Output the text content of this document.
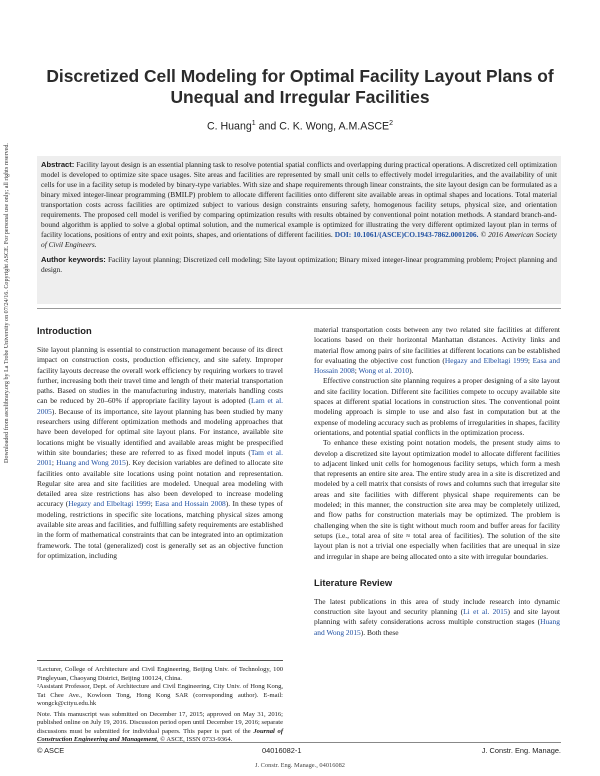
Downloaded from ascelibrary.org by La Trobe University on 07/24/16. Copyright ASCE. For personal use only; all rights reserved.
Discretized Cell Modeling for Optimal Facility Layout Plans of Unequal and Irregular Facilities
C. Huang$^1$ and C. K. Wong, A.M.ASCE$^2$

Abstract: Facility layout design is an essential planning task to resolve potential spatial conflicts and overlapping during practical operations. A discretized cell optimization model is developed to optimize site space usages. Site areas and facilities are represented by small unit cells to effectively model irregularities, and the availability of unit cells for use in a facility setup is modeled by binary-type variables. With size and shape requirements through linear constraints, the site layout design can be formulated as a binary mixed integer-linear programming (BMILP) problem to allocate different facilities onto different site available areas in optimal shapes and locations. Total material transportation costs across facilities are optimized subject to various design constraints ensuring safety, homogenous facility setups, physical size, and orientation requirements. The proposed cell model is verified by comparing optimization results with results obtained by conventional point notation methods. A standard branch-and-bound algorithm is applied to solve a global optimal solution, and the numerical example is optimized for illustrating the very different optimized layout plan in terms of facility locations, positions of entry and exit points, shapes, and orientations of different facilities. DOI: 10.1061/(ASCE)CO.1943-7862.0001206. © 2016 American Society of Civil Engineers.

Author keywords: Facility layout planning; Discretized cell modeling; Site layout optimization; Binary mixed integer-linear programming problem; Project planning and design.

Introduction

Site layout planning is essential to construction management because of its direct impact on construction costs, production efficiency, and site safety. Improper facility layouts decrease the overall work efficiency by requiring workers to travel further, increasing both their travel time and length of their material transportation paths. Based on studies in the manufacturing industry, materials handling costs can be reduced by 20–60% if appropriate facility layout is adopted (Lam et al. 2005). Because of its importance, site layout planning has been studied by many researchers using different optimization methods and modeling approaches that have been developed for optimal site layout plans. For instance, available site locations might be visually identified and available areas might be prespecified within site boundaries; these are referred to as fixed model inputs (Tam et al. 2001; Huang and Wong 2015). Key decision variables are defined to allocate site facilities onto available site locations using point notation and representation. Regular site area and site facilities are modeled. Unequal area modeling with detailed area size restrictions has also been developed to increase modeling accuracy (Hegazy and Elbeltagi 1999; Easa and Hossain 2008). In these types of modeling, restrictions in specific site locations, matching physical sizes among available site areas and facilities, and fulfilling safety requirements are established in the form of mathematical constraints that can be integrated into an optimization framework. The total (generalized) cost is generally set as an objective function for optimization, including

¹Lecturer, College of Architecture and Civil Engineering, Beijing Univ. of Technology, 100 Pingleyuan, Chaoyang District, Beijing 100124, China.

²Assistant Professor, Dept. of Architecture and Civil Engineering, City Univ. of Hong Kong, Tat Chee Ave., Kowloon Tong, Hong Kong SAR (corresponding author). E-mail: wongck@cityu.edu.hk

Note. This manuscript was submitted on December 17, 2015; approved on May 31, 2016; published online on July 19, 2016. Discussion period open until December 19, 2016; separate discussions must be submitted for individual papers. This paper is part of the Journal of Construction Engineering and Management, © ASCE, ISSN 0733-9364.

material transportation costs between any two related site facilities at different locations based on their horizontal Manhattan distances. Activity links and material flow among pairs of site facilities at different locations can be established for evaluating the objective cost function (Hegazy and Elbeltagi 1999; Easa and Hossain 2008; Wong et al. 2010).

Effective construction site planning requires a proper designing of a site layout and site facility location. Different site facilities compete to occupy available site spaces at different spatial locations in construction sites. The conventional point modeling approach is simple to use and also fast in computation but at the expense of modeling accuracy such as problems of irregularities in shapes, facility orientations, and potential spatial conflicts in the optimization process.

To enhance these existing point notation models, the present study aims to develop a discretized site layout optimization model to allocate different facilities to adjacent linked unit cells for homogenous facility setups, which form a mesh that represents an entire site area. The entire study area in a site is discretized and modeled by a cell matrix that consists of rows and columns such that irregular site areas and site facilities with different physical shape requirements can be modeled; in this manner, the construction site area may be completely utilized, and flow paths for construction materials may be optimized. The problem is challenging when the site is tight without much room and buffer areas for facility setups (i.e., total area of site ≈ total area of facilities). The solution of the site layout plan is not a trivial one especially when facilities that are unequal in size and irregular in shape are being allocated onto a site with irregular boundaries.

Literature Review

The latest publications in this area of study include research into dynamic construction site layout and security planning (Li et al. 2015) and site layout planning with safety considerations across multiple construction stages (Huang and Wong 2015). Both these

© ASCE	04016082-1	J. Constr. Eng. Manage.
J. Constr. Eng. Manage., 04016082
